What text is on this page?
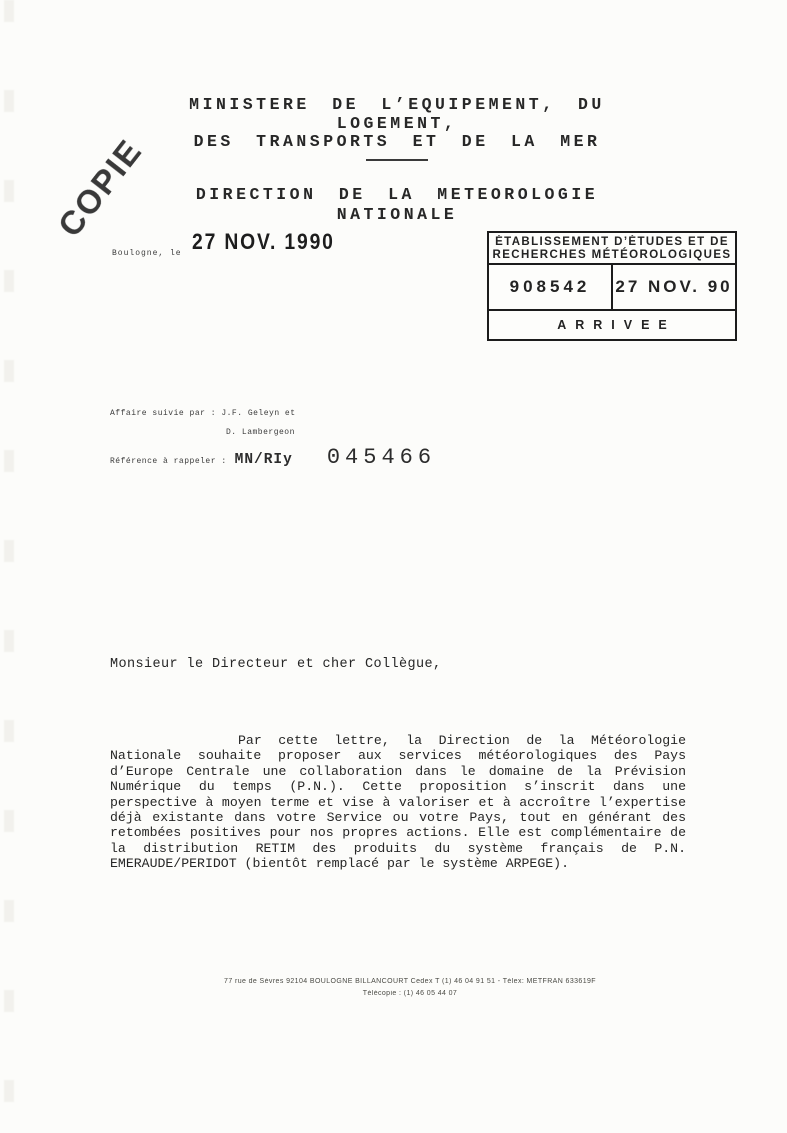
COPIE
MINISTERE DE L’EQUIPEMENT, DU
LOGEMENT,
DES TRANSPORTS ET DE LA MER
DIRECTION DE LA METEOROLOGIE
NATIONALE
Boulogne, le 27 NOV. 1990	ÉTABLISSEMENT D’ÉTUDES ET DE
RECHERCHES MÉTÉOROLOGIQUES
908542	27 NOV. 90
ARRIVEE
Affaire suivie par : J.F. Geleyn et
D. Lambergeon
Référence à rappeler : MN/RIy 045466
Monsieur le Directeur et cher Collègue,

Par cette lettre, la Direction de la Météorologie Nationale souhaite proposer aux services météorologiques des Pays d’Europe Centrale une collaboration dans le domaine de la Prévision Numérique du temps (P.N.). Cette proposition s’inscrit dans une perspective à moyen terme et vise à valoriser et à accroître l’expertise déjà existante dans votre Service ou votre Pays, tout en générant des retombées positives pour nos propres actions. Elle est complémentaire de la distribution RETIM des produits du système français de P.N. EMERAUDE/PERIDOT (bientôt remplacé par le système ARPEGE).

77 rue de Sèvres 92104 BOULOGNE BILLANCOURT Cedex T (1) 46 04 91 51 - Télex: METFRAN 633619F
Télécopie : (1) 46 05 44 07
